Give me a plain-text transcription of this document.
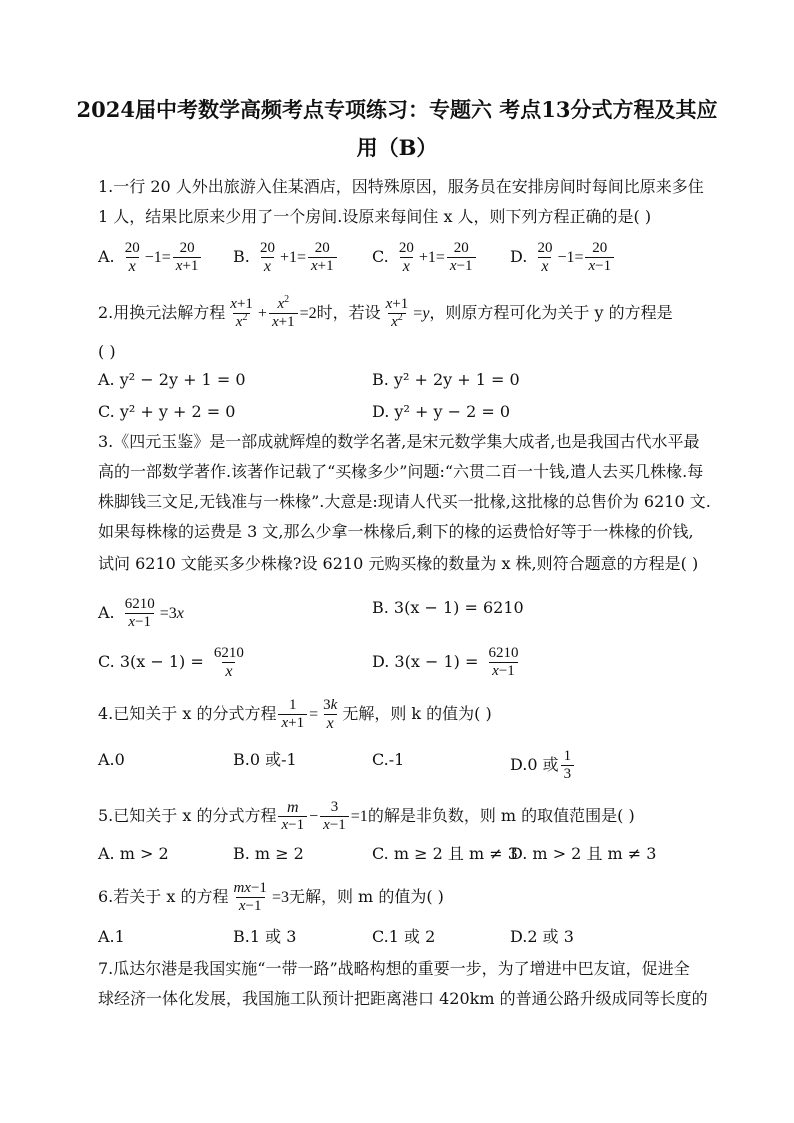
2024届中考数学高频考点专项练习：专题六 考点13分式方程及其应
用（B）
1.一行 20 人外出旅游入住某酒店，因特殊原因，服务员在安排房间时每间比原来多住
1 人，结果比原来少用了一个房间.设原来每间住 x 人，则下列方程正确的是( )
A. $\frac{20}{x} -1= \frac{20}{x+1} B$. $\frac{20}{x} +1= \frac{20}{x+1} C$. $\frac{20}{x} +1= \frac{20}{x-1} D$. $\frac{20}{x} -1= \frac{20}{x-1}$
2.用换元法解方程 $\frac{x+1}{x^2} + \frac{x^2}{x+1} =2$时，若设 $\frac{x+1}{x^2} =y$，则原方程可化为关于 y 的方程是
( )
A. y² − 2y + 1 = 0	B. y² + 2y + 1 = 0
C. y² + y + 2 = 0	D. y² + y − 2 = 0
3.《四元玉鉴》是一部成就辉煌的数学名著,是宋元数学集大成者,也是我国古代水平最
高的一部数学著作.该著作记载了“买椽多少”问题:“六贯二百一十钱,遣人去买几株椽.每
株脚钱三文足,无钱准与一株椽”.大意是:现请人代买一批椽,这批椽的总售价为 6210 文.
如果每株椽的运费是 3 文,那么少拿一株椽后,剩下的椽的运费恰好等于一株椽的价钱,
试问 6210 文能买多少株椽?设 6210 元购买椽的数量为 x 株,则符合题意的方程是( )
A. $\frac{6210}{x-1} =3x$	B. 3(x − 1) = 6210
C. $3(x - 1) = \frac{6210}{x}$	D. $3(x - 1) = \frac{6210}{x-1}$
4.已知关于 x 的分式方程 $\frac{1}{x+1} = \frac{3k}{x}$ 无解，则 k 的值为( )
A.0	B.0 或-1	C.-1	D.0 或 $\frac{1}{3}$
5.已知关于 x 的分式方程 $\frac{m}{x-1} - \frac{3}{x-1} =1$的解是非负数，则 m 的取值范围是( )
A. m > 2	B. m ≥ 2	C. m ≥ 2 且 m ≠ 3
D. m > 2 且 m ≠ 3
6.若关于 x 的方程 $\frac{mx-1}{x-1} =3$无解，则 m 的值为( )
A.1	B.1 或 3	C.1 或 2	D.2 或 3
7.瓜达尔港是我国实施“一带一路”战略构想的重要一步，为了增进中巴友谊，促进全
球经济一体化发展，我国施工队预计把距离港口 420km 的普通公路升级成同等长度的
